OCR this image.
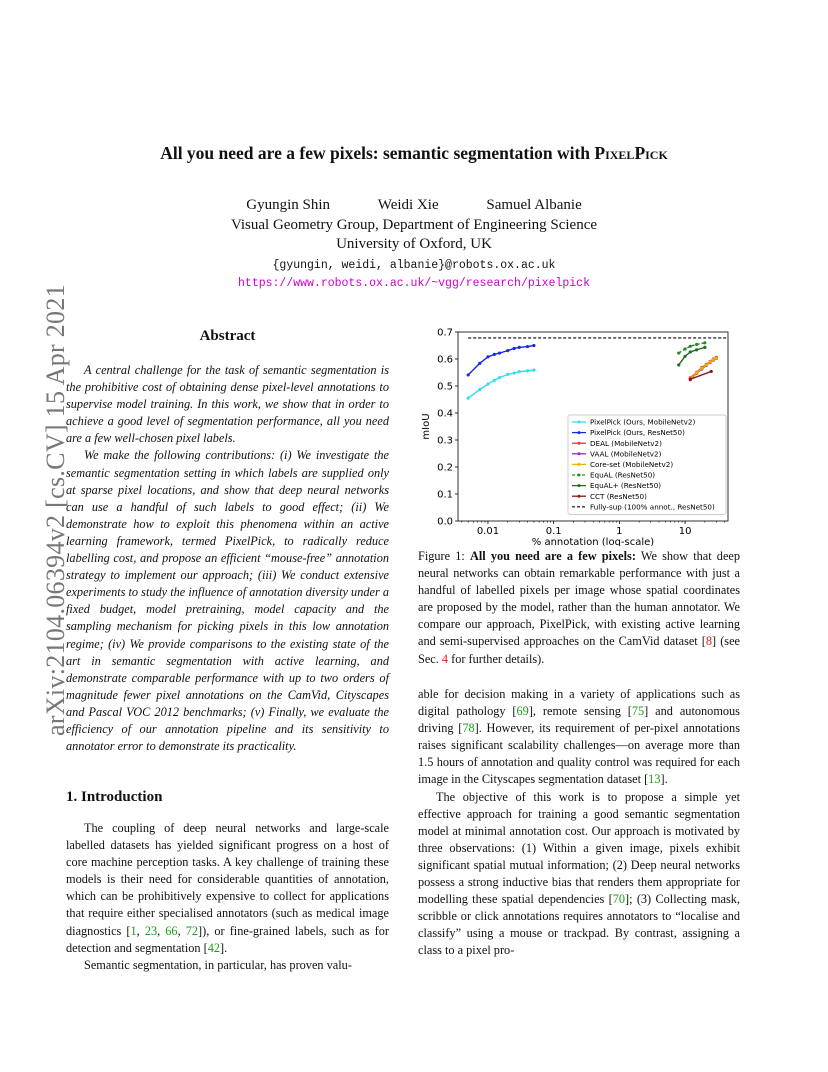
arXiv:2104.06394v2 [cs.CV] 15 Apr 2021
All you need are a few pixels: semantic segmentation with PixelPick
Gyungin Shin	Weidi Xie	Samuel Albanie
Visual Geometry Group, Department of Engineering Science
University of Oxford, UK
{gyungin, weidi, albanie}@robots.ox.ac.uk
https://www.robots.ox.ac.uk/~vgg/research/pixelpick
Abstract

A central challenge for the task of semantic segmentation is the prohibitive cost of obtaining dense pixel-level annotations to supervise model training. In this work, we show that in order to achieve a good level of segmentation performance, all you need are a few well-chosen pixel labels.

We make the following contributions: (i) We investigate the semantic segmentation setting in which labels are supplied only at sparse pixel locations, and show that deep neural networks can use a handful of such labels to good effect; (ii) We demonstrate how to exploit this phenomena within an active learning framework, termed PixelPick, to radically reduce labelling cost, and propose an efficient “mouse-free” annotation strategy to implement our approach; (iii) We conduct extensive experiments to study the influence of annotation diversity under a fixed budget, model pretraining, model capacity and the sampling mechanism for picking pixels in this low annotation regime; (iv) We provide comparisons to the existing state of the art in semantic segmentation with active learning, and demonstrate comparable performance with up to two orders of magnitude fewer pixel annotations on the CamVid, Cityscapes and Pascal VOC 2012 benchmarks; (v) Finally, we evaluate the efficiency of our annotation pipeline and its sensitivity to annotator error to demonstrate its practicality.

1. Introduction

The coupling of deep neural networks and large-scale labelled datasets has yielded significant progress on a host of core machine perception tasks. A key challenge of training these models is their need for considerable quantities of annotation, which can be prohibitively expensive to collect for applications that require either specialised annotators (such as medical image diagnostics [1, 23, 66, 72]), or fine-grained labels, such as for detection and segmentation [42].

Semantic segmentation, in particular, has proven valu-

0.0
0.1
0.2
0.3
0.4
0.5
0.6
0.7
0.01	0.1	1	10
% annotation (log-scale)
mIoU	PixelPick (Ours, MobileNetv2)
PixelPick (Ours, ResNet50)
DEAL (MobileNetv2)
VAAL (MobileNetv2)
Core-set (MobileNetv2)
EquAL (ResNet50)
EquAL+ (ResNet50)
CCT (ResNet50)
Fully-sup (100% annot., ResNet50)
Figure 1: All you need are a few pixels: We show that deep neural networks can obtain remarkable performance with just a handful of labelled pixels per image whose spatial coordinates are proposed by the model, rather than the human annotator. We compare our approach, PixelPick, with existing active learning and semi-supervised approaches on the CamVid dataset [8] (see Sec. 4 for further details).

able for decision making in a variety of applications such as digital pathology [69], remote sensing [75] and autonomous driving [78]. However, its requirement of per-pixel annotations raises significant scalability challenges—on average more than 1.5 hours of annotation and quality control was required for each image in the Cityscapes segmentation dataset [13].

The objective of this work is to propose a simple yet effective approach for training a good semantic segmentation model at minimal annotation cost. Our approach is motivated by three observations: (1) Within a given image, pixels exhibit significant spatial mutual information; (2) Deep neural networks possess a strong inductive bias that renders them appropriate for modelling these spatial dependencies [70]; (3) Collecting mask, scribble or click annotations requires annotators to “localise and classify” using a mouse or trackpad. By contrast, assigning a class to a pixel pro-
